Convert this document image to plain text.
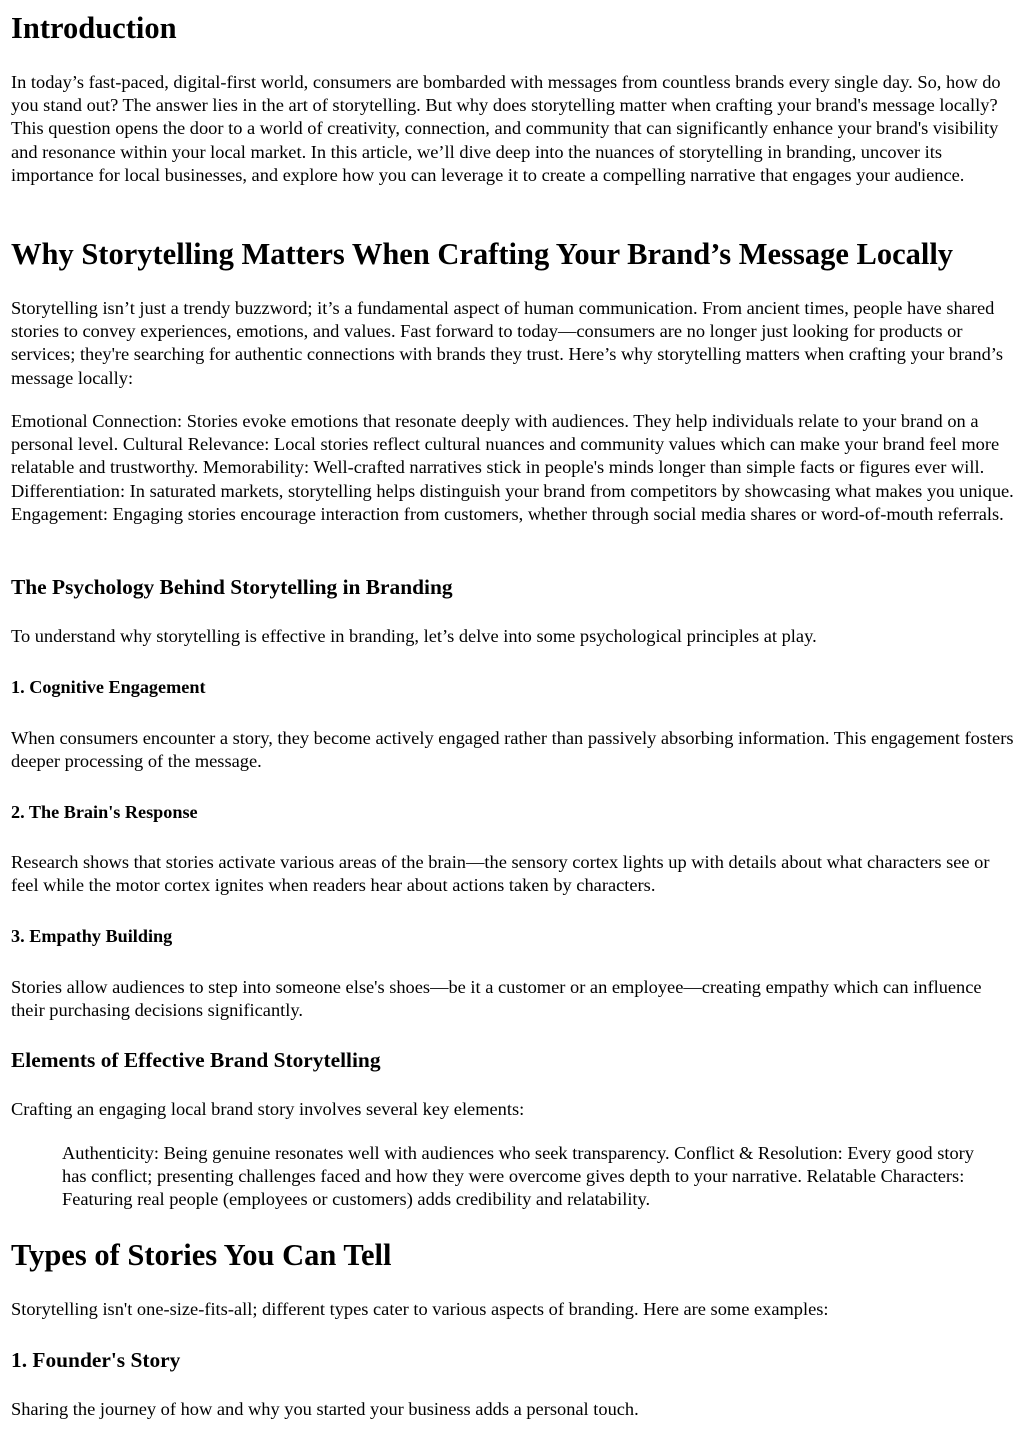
Introduction

In today’s fast-paced, digital-first world, consumers are bombarded with messages from countless brands every single day. So, how do you stand out? The answer lies in the art of storytelling. But why does storytelling matter when crafting your brand's message locally? This question opens the door to a world of creativity, connection, and community that can significantly enhance your brand's visibility and resonance within your local market. In this article, we’ll dive deep into the nuances of storytelling in branding, uncover its importance for local businesses, and explore how you can leverage it to create a compelling narrative that engages your audience.

Why Storytelling Matters When Crafting Your Brand’s Message Locally

Storytelling isn’t just a trendy buzzword; it’s a fundamental aspect of human communication. From ancient times, people have shared stories to convey experiences, emotions, and values. Fast forward to today—consumers are no longer just looking for products or services; they're searching for authentic connections with brands they trust. Here’s why storytelling matters when crafting your brand’s message locally:

Emotional Connection: Stories evoke emotions that resonate deeply with audiences. They help individuals relate to your brand on a personal level. Cultural Relevance: Local stories reflect cultural nuances and community values which can make your brand feel more relatable and trustworthy. Memorability: Well-crafted narratives stick in people's minds longer than simple facts or figures ever will. Differentiation: In saturated markets, storytelling helps distinguish your brand from competitors by showcasing what makes you unique. Engagement: Engaging stories encourage interaction from customers, whether through social media shares or word-of-mouth referrals.

The Psychology Behind Storytelling in Branding

To understand why storytelling is effective in branding, let’s delve into some psychological principles at play.

1. Cognitive Engagement

When consumers encounter a story, they become actively engaged rather than passively absorbing information. This engagement fosters deeper processing of the message.

2. The Brain's Response

Research shows that stories activate various areas of the brain—the sensory cortex lights up with details about what characters see or feel while the motor cortex ignites when readers hear about actions taken by characters.

3. Empathy Building

Stories allow audiences to step into someone else's shoes—be it a customer or an employee—creating empathy which can influence their purchasing decisions significantly.

Elements of Effective Brand Storytelling

Crafting an engaging local brand story involves several key elements:

Authenticity: Being genuine resonates well with audiences who seek transparency. Conflict & Resolution: Every good story has conflict; presenting challenges faced and how they were overcome gives depth to your narrative. Relatable Characters: Featuring real people (employees or customers) adds credibility and relatability.

Types of Stories You Can Tell

Storytelling isn't one-size-fits-all; different types cater to various aspects of branding. Here are some examples:

1. Founder's Story

Sharing the journey of how and why you started your business adds a personal touch.
